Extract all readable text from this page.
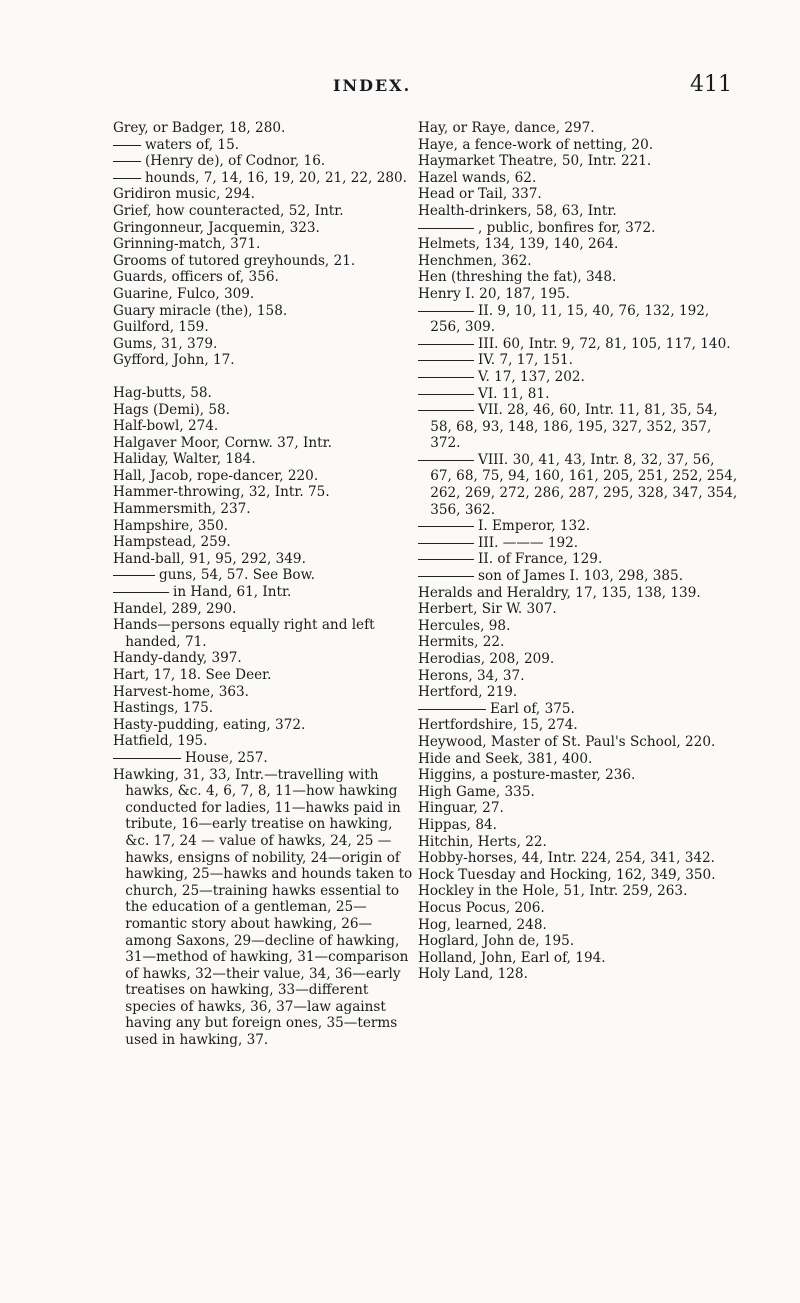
INDEX.	411

Grey, or Badger, 18, 280.

waters of, 15.

(Henry de), of Codnor, 16.

hounds, 7, 14, 16, 19, 20, 21, 22, 280.

Gridiron music, 294.

Grief, how counteracted, 52, Intr.

Gringonneur, Jacquemin, 323.

Grinning-match, 371.

Grooms of tutored greyhounds, 21.

Guards, officers of, 356.

Guarine, Fulco, 309.

Guary miracle (the), 158.

Guilford, 159.

Gums, 31, 379.

Gyfford, John, 17.

Hag-butts, 58.

Hags (Demi), 58.

Half-bowl, 274.

Halgaver Moor, Cornw. 37, Intr.

Haliday, Walter, 184.

Hall, Jacob, rope-dancer, 220.

Hammer-throwing, 32, Intr. 75.

Hammersmith, 237.

Hampshire, 350.

Hampstead, 259.

Hand-ball, 91, 95, 292, 349.

guns, 54, 57. See Bow.

in Hand, 61, Intr.

Handel, 289, 290.

Hands—persons equally right and left handed, 71.

Handy-dandy, 397.

Hart, 17, 18. See Deer.

Harvest-home, 363.

Hastings, 175.

Hasty-pudding, eating, 372.

Hatfield, 195.

House, 257.

Hawking, 31, 33, Intr.—travelling with hawks, &c. 4, 6, 7, 8, 11—how hawking conducted for ladies, 11—hawks paid in tribute, 16—early treatise on hawking, &c. 17, 24 — value of hawks, 24, 25 — hawks, ensigns of nobility, 24—origin of hawking, 25—hawks and hounds taken to church, 25—training hawks essential to the education of a gentleman, 25—romantic story about hawking, 26—among Saxons, 29—decline of hawking, 31—method of hawking, 31—comparison of hawks, 32—their value, 34, 36—early treatises on hawking, 33—different species of hawks, 36, 37—law against having any but foreign ones, 35—terms used in hawking, 37.

Hay, or Raye, dance, 297.

Haye, a fence-work of netting, 20.

Haymarket Theatre, 50, Intr. 221.

Hazel wands, 62.

Head or Tail, 337.

Health-drinkers, 58, 63, Intr.

, public, bonfires for, 372.

Helmets, 134, 139, 140, 264.

Henchmen, 362.

Hen (threshing the fat), 348.

Henry I. 20, 187, 195.

II. 9, 10, 11, 15, 40, 76, 132, 192, 256, 309.

III. 60, Intr. 9, 72, 81, 105, 117, 140.

IV. 7, 17, 151.

V. 17, 137, 202.

VI. 11, 81.

VII. 28, 46, 60, Intr. 11, 81, 35, 54, 58, 68, 93, 148, 186, 195, 327, 352, 357, 372.

VIII. 30, 41, 43, Intr. 8, 32, 37, 56, 67, 68, 75, 94, 160, 161, 205, 251, 252, 254, 262, 269, 272, 286, 287, 295, 328, 347, 354, 356, 362.

I. Emperor, 132.

III. ——— 192.

II. of France, 129.

son of James I. 103, 298, 385.

Heralds and Heraldry, 17, 135, 138, 139.

Herbert, Sir W. 307.

Hercules, 98.

Hermits, 22.

Herodias, 208, 209.

Herons, 34, 37.

Hertford, 219.

Earl of, 375.

Hertfordshire, 15, 274.

Heywood, Master of St. Paul's School, 220.

Hide and Seek, 381, 400.

Higgins, a posture-master, 236.

High Game, 335.

Hinguar, 27.

Hippas, 84.

Hitchin, Herts, 22.

Hobby-horses, 44, Intr. 224, 254, 341, 342.

Hock Tuesday and Hocking, 162, 349, 350.

Hockley in the Hole, 51, Intr. 259, 263.

Hocus Pocus, 206.

Hog, learned, 248.

Hoglard, John de, 195.

Holland, John, Earl of, 194.

Holy Land, 128.
